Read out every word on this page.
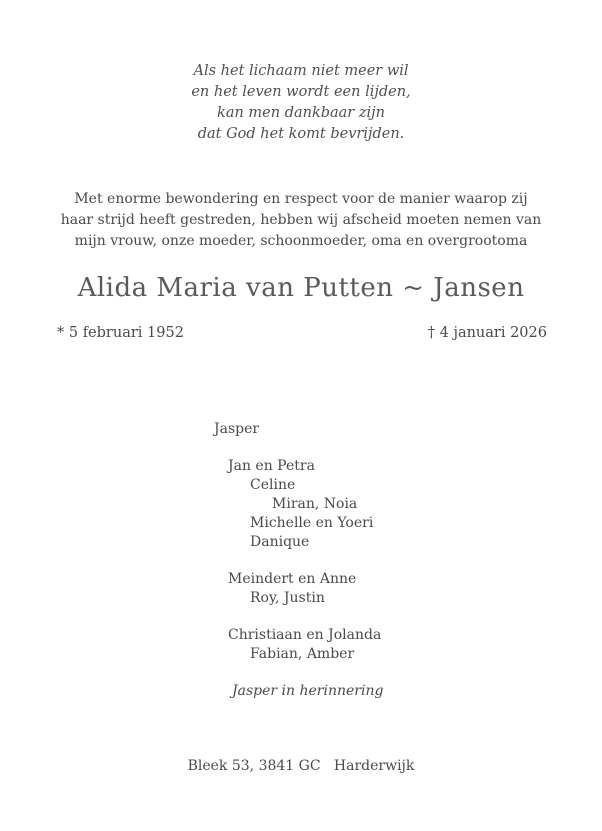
Als het lichaam niet meer wil
en het leven wordt een lijden,
kan men dankbaar zijn
dat God het komt bevrijden.
Met enorme bewondering en respect voor de manier waarop zij
haar strijd heeft gestreden, hebben wij afscheid moeten nemen van
mijn vrouw, onze moeder, schoonmoeder, oma en overgrootoma
Alida Maria van Putten ~ Jansen
* 5 februari 1952	† 4 januari 2026
Jasper
Jan en Petra
Celine
Miran, Noia
Michelle en Yoeri
Danique
Meindert en Anne
Roy, Justin
Christiaan en Jolanda
Fabian, Amber
Jasper in herinnering
Bleek 53, 3841 GC   Harderwijk
